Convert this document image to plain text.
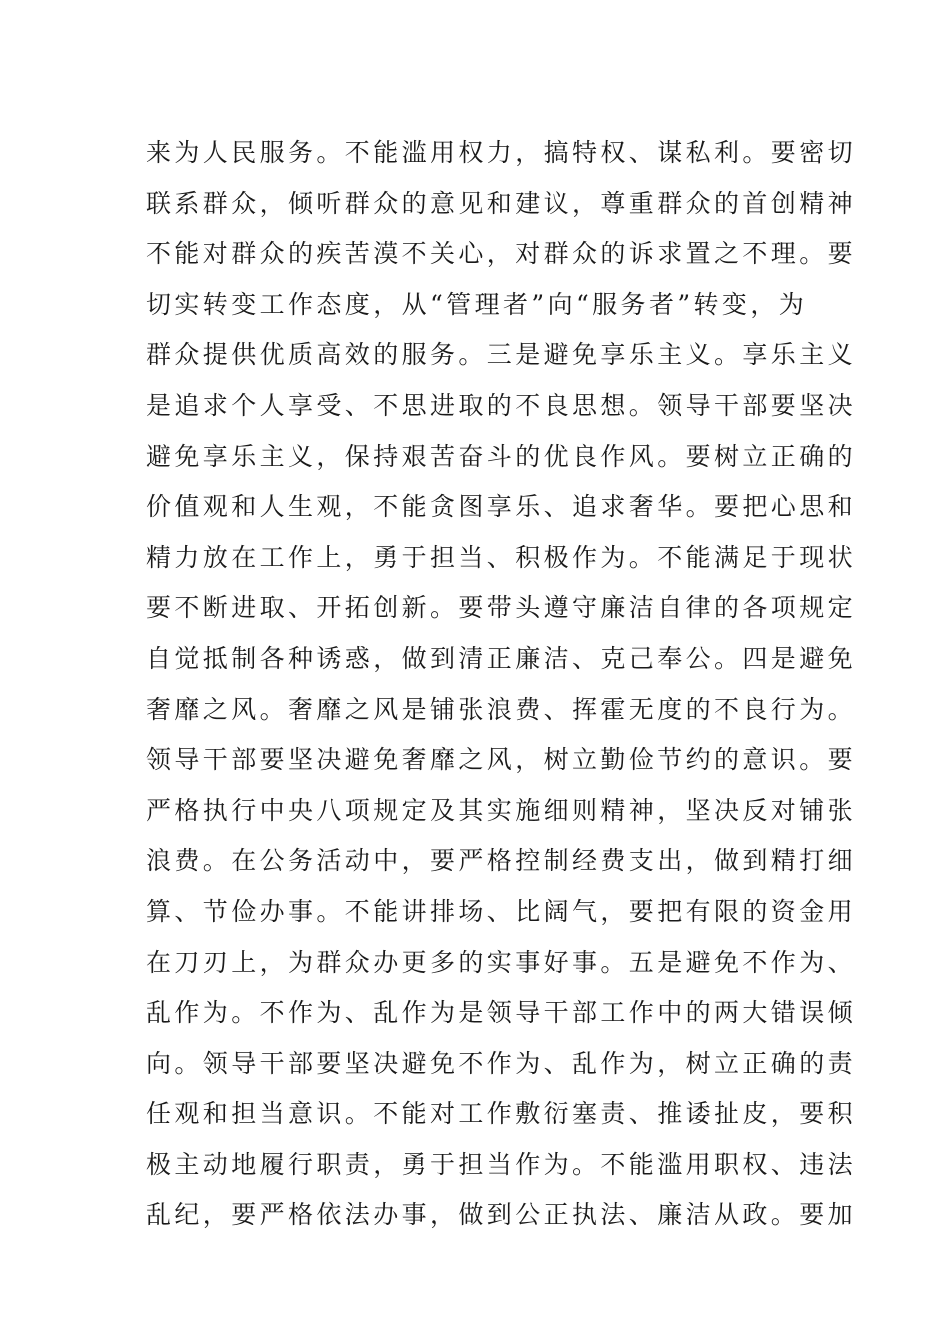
来为人民服务。不能滥用权力，搞特权、谋私利。要密切
联系群众，倾听群众的意见和建议，尊重群众的首创精神
不能对群众的疾苦漠不关心，对群众的诉求置之不理。要
切实转变工作态度，从“管理者”向“服务者”转变，为
群众提供优质高效的服务。三是避免享乐主义。享乐主义
是追求个人享受、不思进取的不良思想。领导干部要坚决
避免享乐主义，保持艰苦奋斗的优良作风。要树立正确的
价值观和人生观，不能贪图享乐、追求奢华。要把心思和
精力放在工作上，勇于担当、积极作为。不能满足于现状
要不断进取、开拓创新。要带头遵守廉洁自律的各项规定
自觉抵制各种诱惑，做到清正廉洁、克己奉公。四是避免
奢靡之风。奢靡之风是铺张浪费、挥霍无度的不良行为。
领导干部要坚决避免奢靡之风，树立勤俭节约的意识。要
严格执行中央八项规定及其实施细则精神，坚决反对铺张
浪费。在公务活动中，要严格控制经费支出，做到精打细
算、节俭办事。不能讲排场、比阔气，要把有限的资金用
在刀刃上，为群众办更多的实事好事。五是避免不作为、
乱作为。不作为、乱作为是领导干部工作中的两大错误倾
向。领导干部要坚决避免不作为、乱作为，树立正确的责
任观和担当意识。不能对工作敷衍塞责、推诿扯皮，要积
极主动地履行职责，勇于担当作为。不能滥用职权、违法
乱纪，要严格依法办事，做到公正执法、廉洁从政。要加
